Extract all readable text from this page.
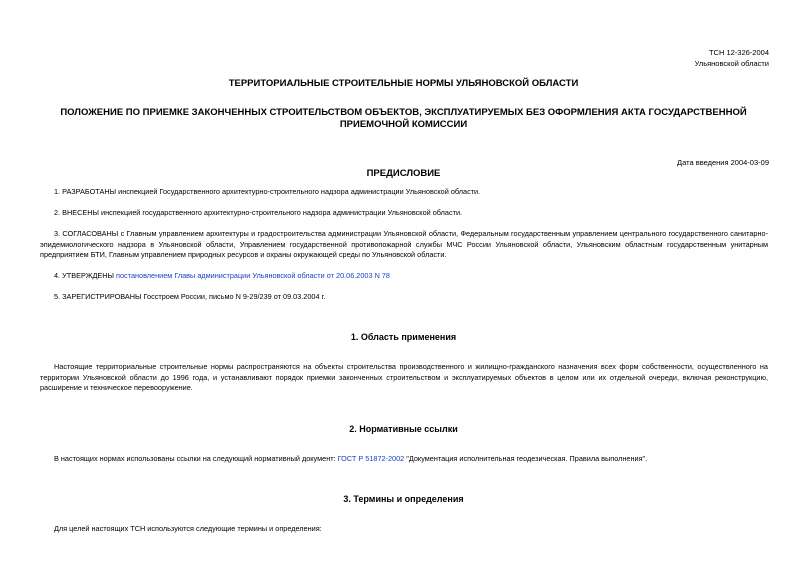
ТСН 12-326-2004
Ульяновской области
ТЕРРИТОРИАЛЬНЫЕ СТРОИТЕЛЬНЫЕ НОРМЫ УЛЬЯНОВСКОЙ ОБЛАСТИ
ПОЛОЖЕНИЕ ПО ПРИЕМКЕ ЗАКОНЧЕННЫХ СТРОИТЕЛЬСТВОМ ОБЪЕКТОВ, ЭКСПЛУАТИРУЕМЫХ БЕЗ ОФОРМЛЕНИЯ АКТА ГОСУДАРСТВЕННОЙ ПРИЕМОЧНОЙ КОМИССИИ
Дата введения 2004-03-09
ПРЕДИСЛОВИЕ
1. РАЗРАБОТАНЫ инспекцией Государственного архитектурно-строительного надзора администрации Ульяновской области.
2. ВНЕСЕНЫ инспекцией государственного архитектурно-строительного надзора администрации Ульяновской области.
3. СОГЛАСОВАНЫ с Главным управлением архитектуры и градостроительства администрации Ульяновской области, Федеральным государственным управлением центрального государственного санитарно-эпидемиологического надзора в Ульяновской области, Управлением государственной противопожарной службы МЧС России Ульяновской области, Ульяновским областным государственным унитарным предприятием БТИ, Главным управлением природных ресурсов и охраны окружающей среды по Ульяновской области.
4. УТВЕРЖДЕНЫ постановлением Главы администрации Ульяновской области от 20.06.2003 N 78
5. ЗАРЕГИСТРИРОВАНЫ Госстроем России, письмо N 9-29/239 от 09.03.2004 г.
1. Область применения
Настоящие территориальные строительные нормы распространяются на объекты строительства производственного и жилищно-гражданского назначения всех форм собственности, осуществленного на территории Ульяновской области до 1996 года, и устанавливают порядок приемки законченных строительством и эксплуатируемых объектов в целом или их отдельной очереди, включая реконструкцию, расширение и техническое перевооружение.
2. Нормативные ссылки
В настоящих нормах использованы ссылки на следующий нормативный документ: ГОСТ Р 51872-2002 "Документация исполнительная геодезическая. Правила выполнения".
3. Термины и определения
Для целей настоящих ТСН используются следующие термины и определения:
